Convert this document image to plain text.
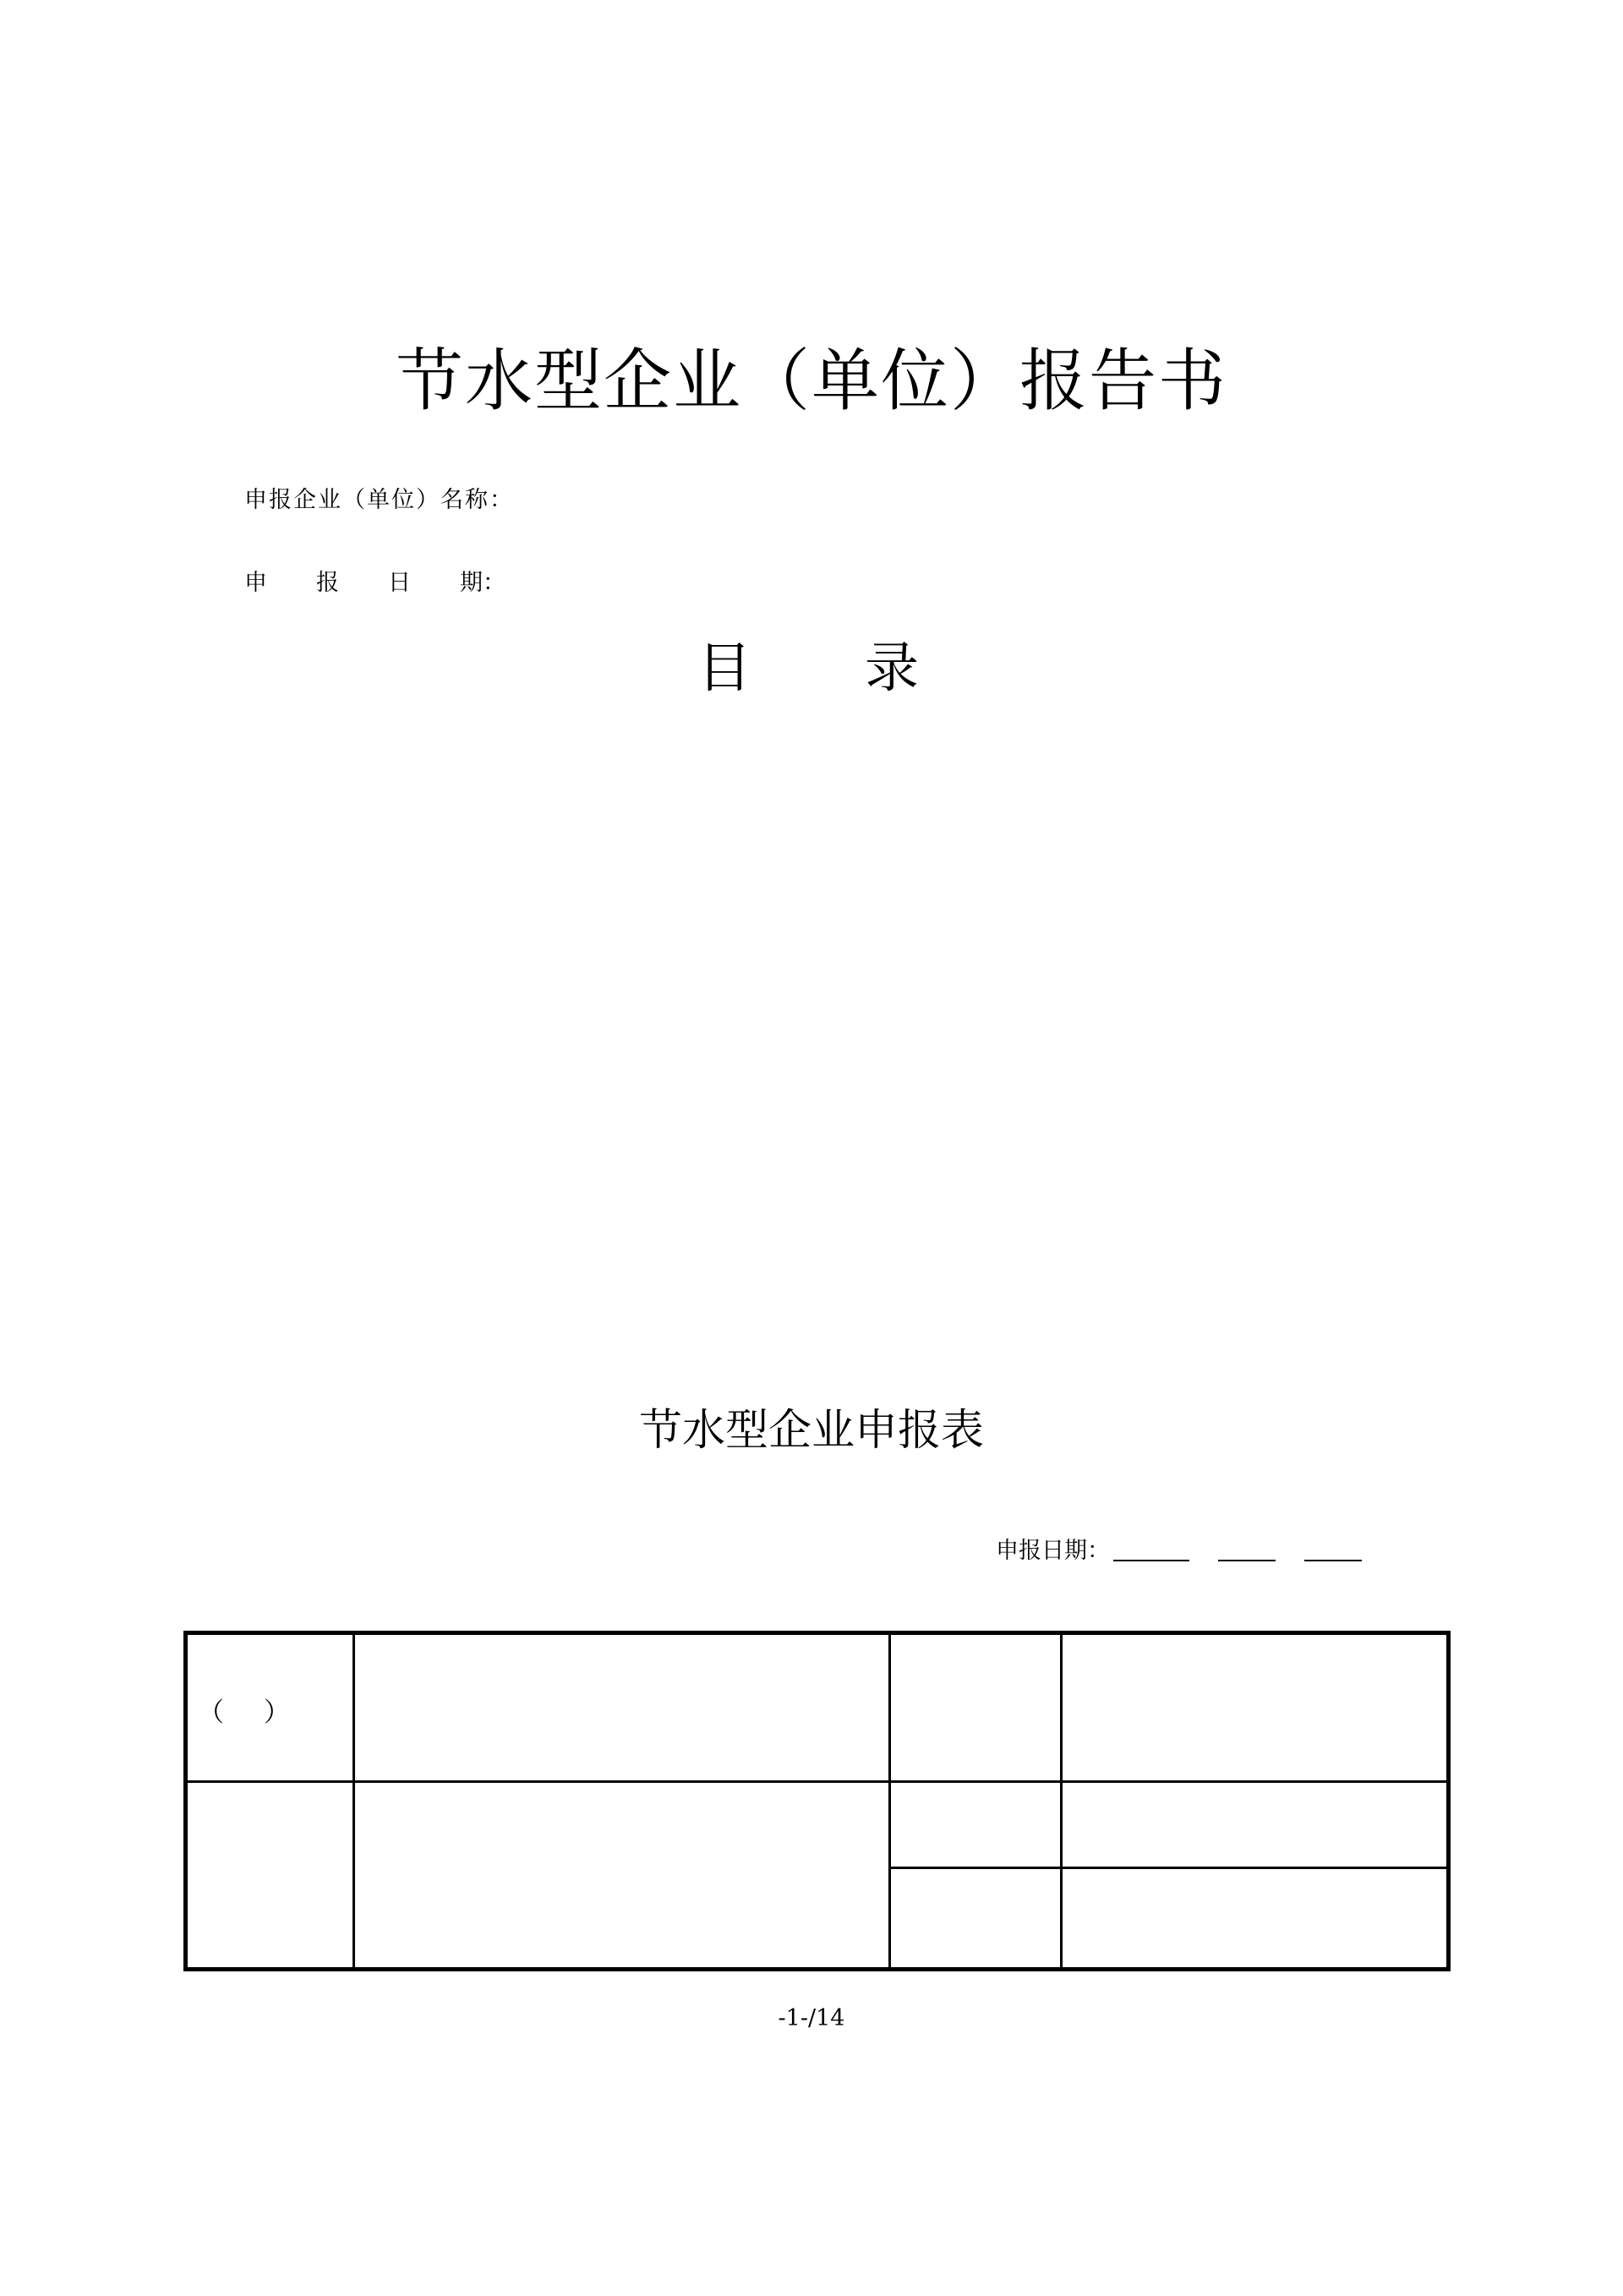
节水型企业（单位）报告书
申报企业（单位）名称：
申	报	日	期：
目	录
节水型企业申报表
申报日期：
（ ）
-1-/14
